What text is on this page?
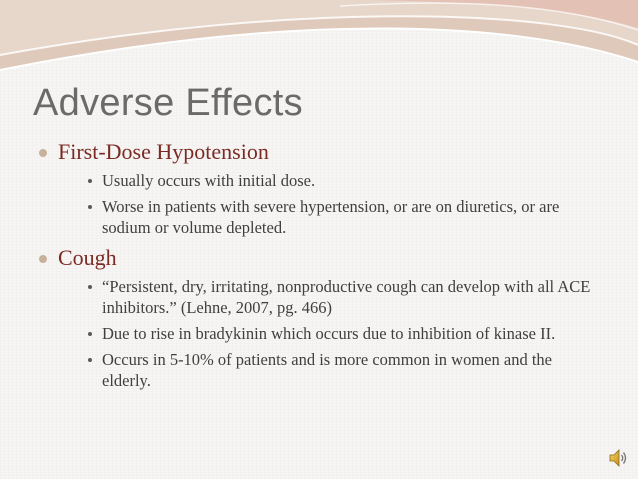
Adverse Effects
First-Dose Hypotension
Usually occurs with initial dose.
Worse in patients with severe hypertension, or are on diuretics, or are sodium or volume depleted.
Cough
“Persistent, dry, irritating, nonproductive cough can develop with all ACE inhibitors.” (Lehne, 2007, pg. 466)
Due to rise in bradykinin which occurs due to inhibition of kinase II.
Occurs in 5-10% of patients and is more common in women and the elderly.
